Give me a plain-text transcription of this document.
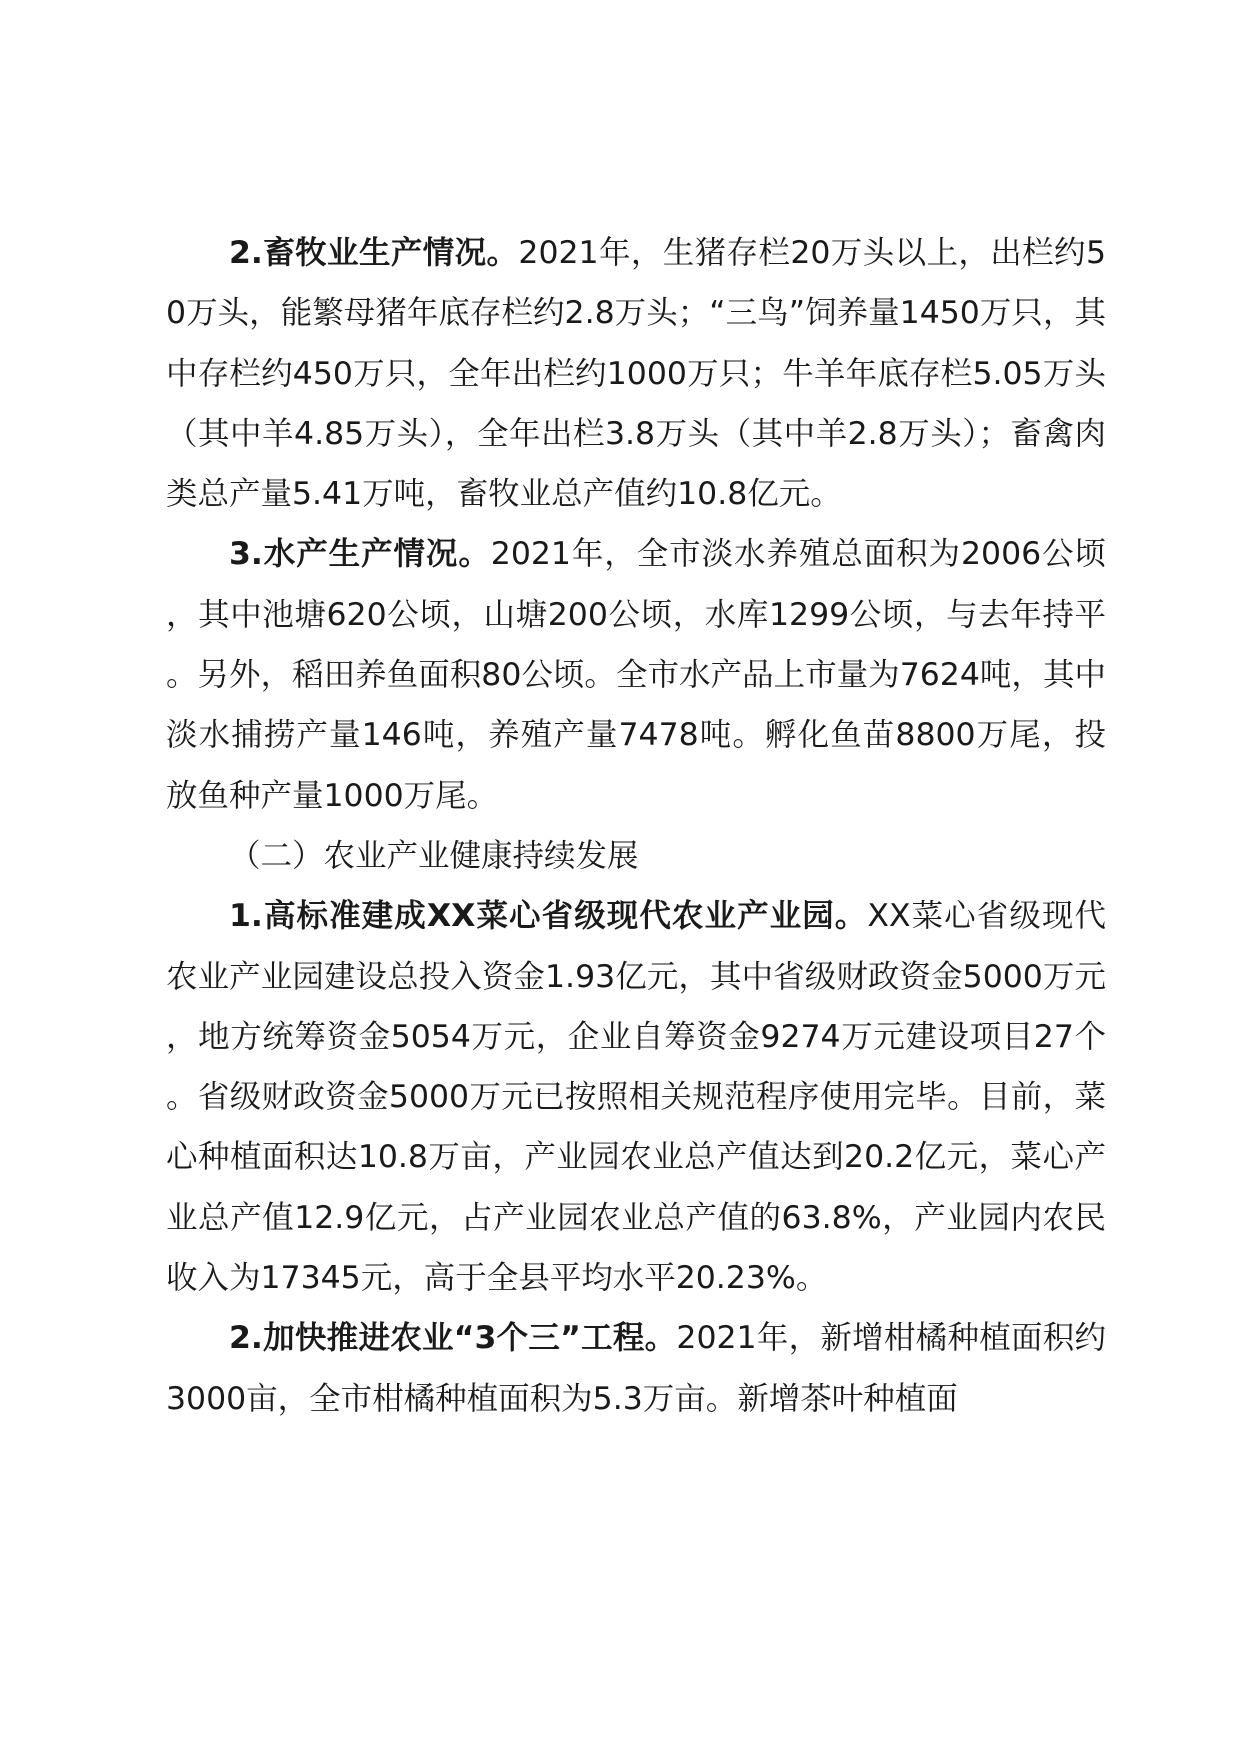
2.畜牧业生产情况。2021年，生猪存栏20万头以上，出栏约50万头，能繁母猪年底存栏约2.8万头；“三鸟”饲养量1450万只，其中存栏约450万只，全年出栏约1000万只；牛羊年底存栏5.05万头（其中羊4.85万头），全年出栏3.8万头（其中羊2.8万头）；畜禽肉类总产量5.41万吨，畜牧业总产值约10.8亿元。

3.水产生产情况。2021年，全市淡水养殖总面积为2006公顷，其中池塘620公顷，山塘200公顷，水库1299公顷，与去年持平。另外，稻田养鱼面积80公顷。全市水产品上市量为7624吨，其中淡水捕捞产量146吨，养殖产量7478吨。孵化鱼苗8800万尾，投放鱼种产量1000万尾。

（二）农业产业健康持续发展

1.高标准建成XX菜心省级现代农业产业园。XX菜心省级现代农业产业园建设总投入资金1.93亿元，其中省级财政资金5000万元，地方统筹资金5054万元，企业自筹资金9274万元建设项目27个。省级财政资金5000万元已按照相关规范程序使用完毕。目前，菜心种植面积达10.8万亩，产业园农业总产值达到20.2亿元，菜心产业总产值12.9亿元，占产业园农业总产值的63.8%，产业园内农民收入为17345元，高于全县平均水平20.23%。

2.加快推进农业“3个三”工程。2021年，新增柑橘种植面积约3000亩，全市柑橘种植面积为5.3万亩。新增茶叶种植面
